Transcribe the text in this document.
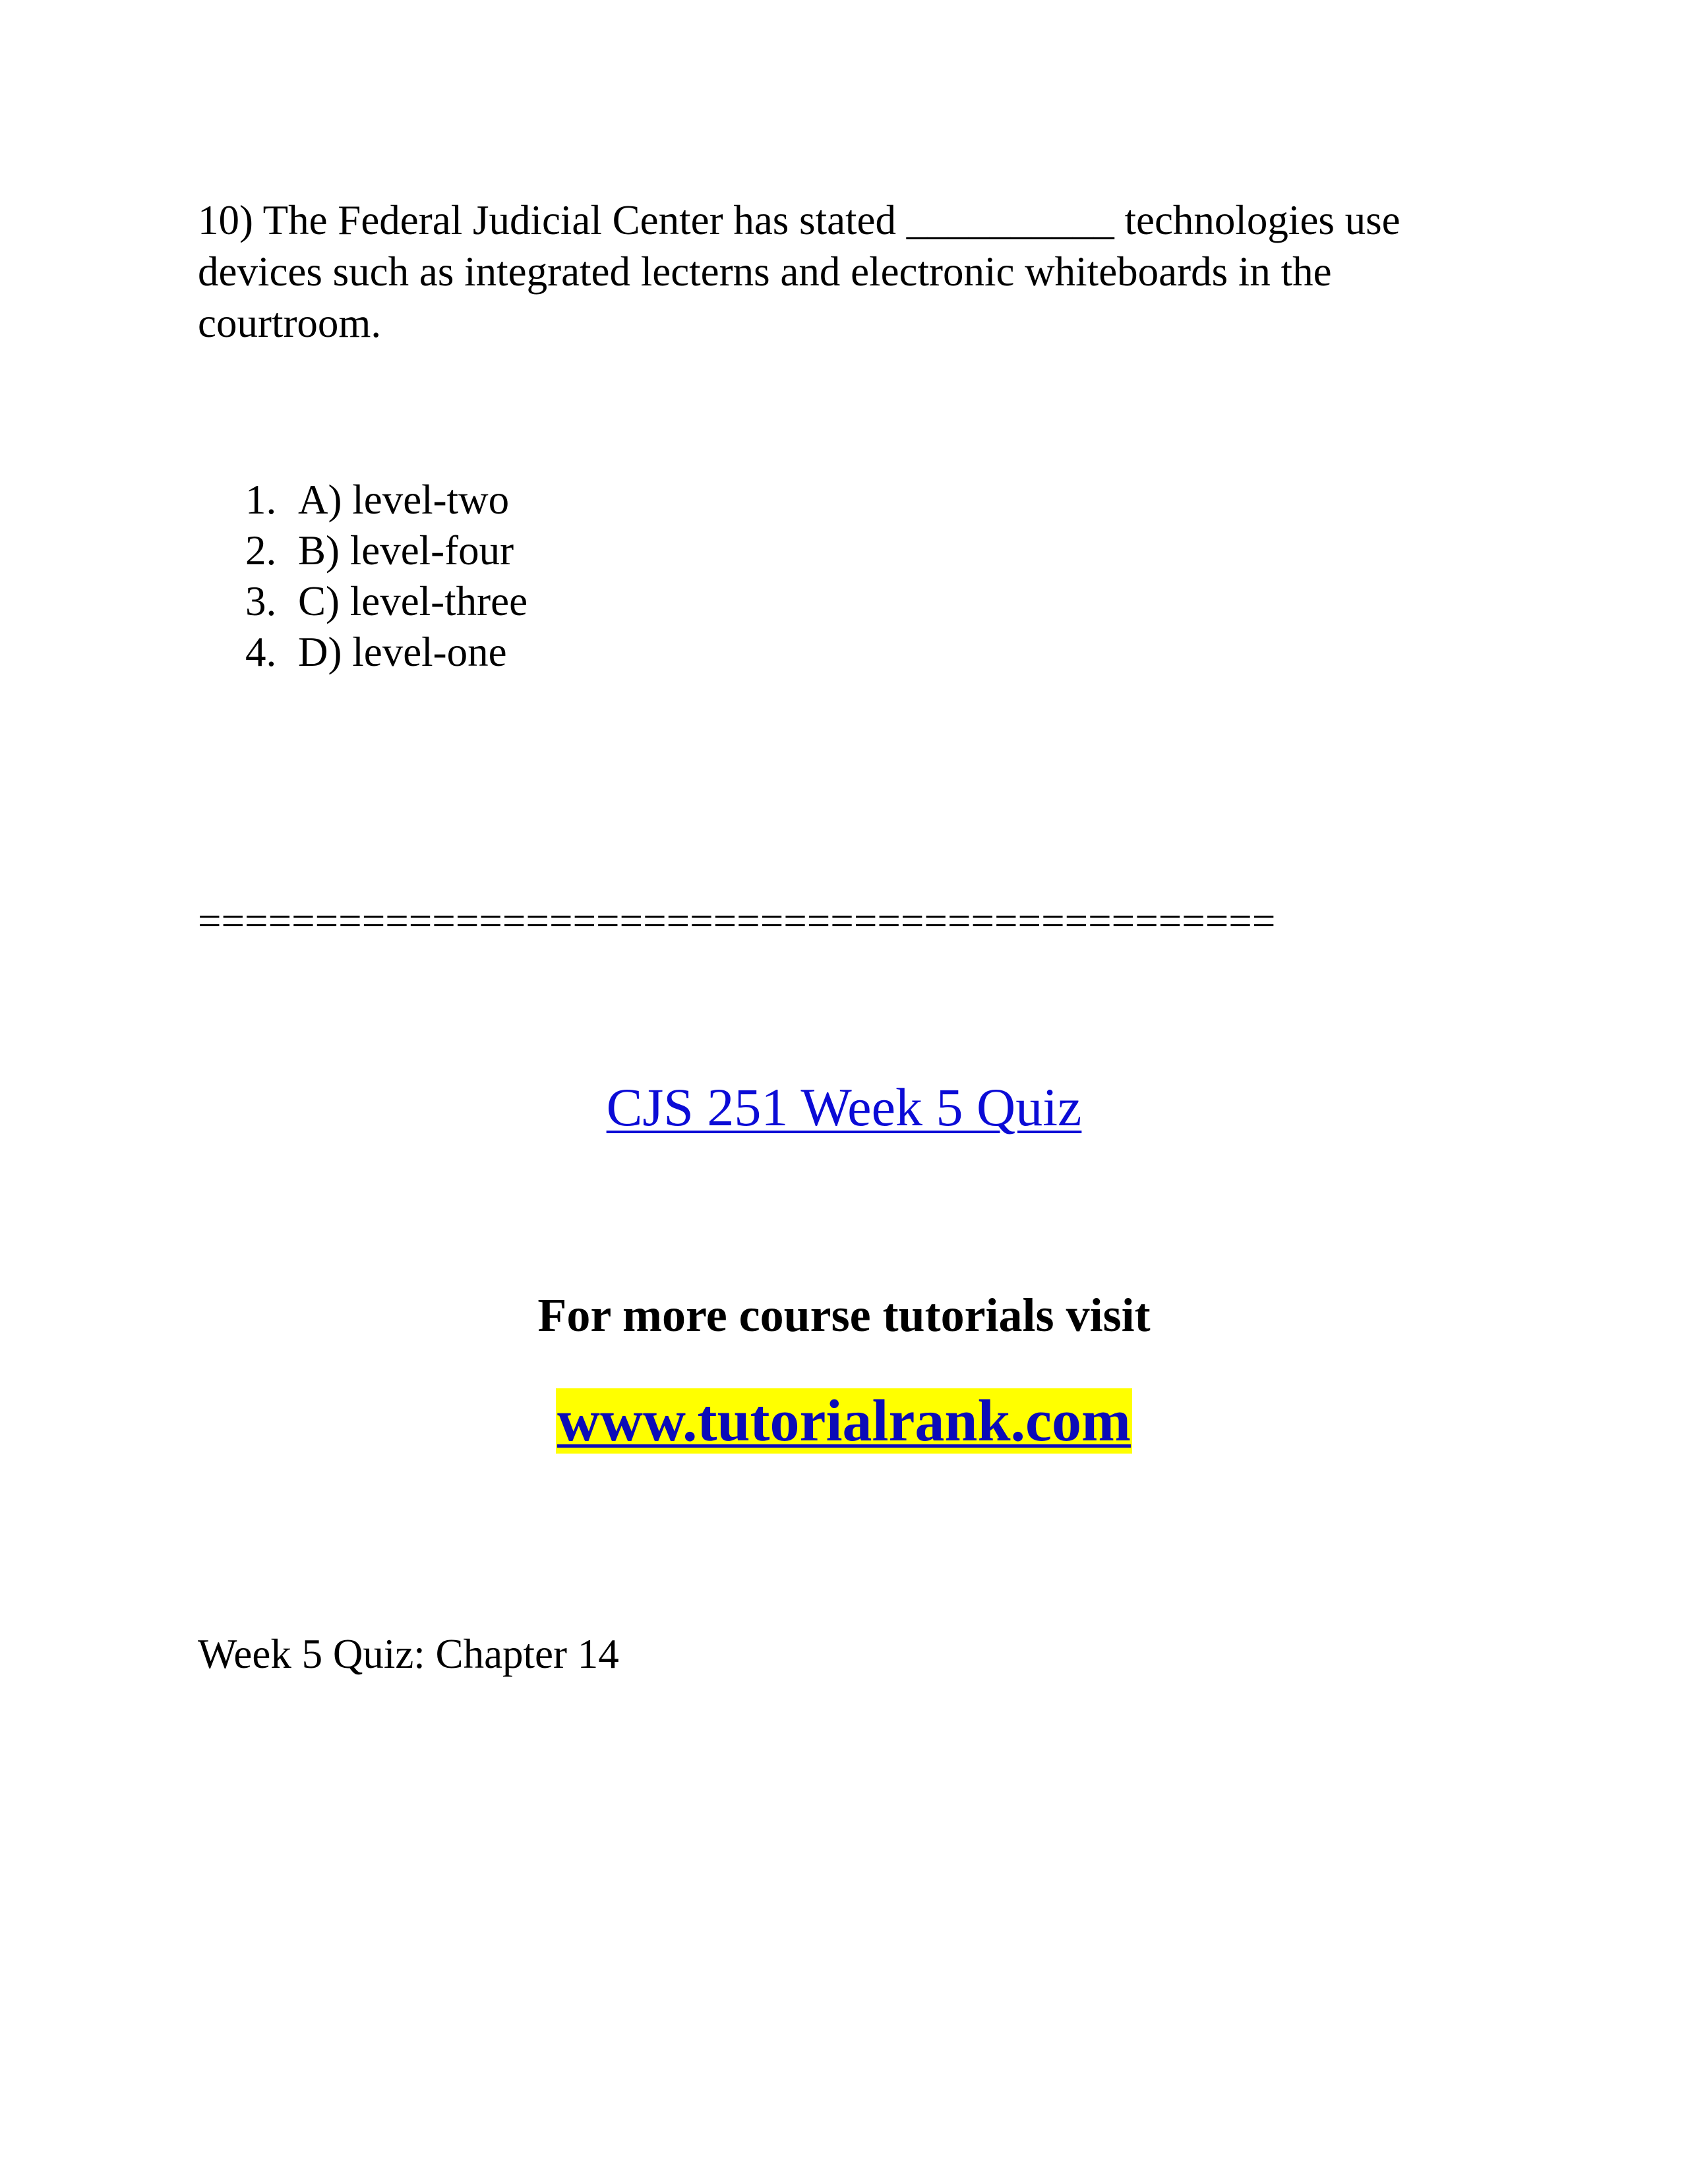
10) The Federal Judicial Center has stated __________ technologies use devices such as integrated lecterns and electronic whiteboards in the courtroom.

1. A) level-two
2. B) level-four
3. C) level-three
4. D) level-one
==============================================
CJS 251 Week 5 Quiz
For more course tutorials visit
www.tutorialrank.com
Week 5 Quiz: Chapter 14
